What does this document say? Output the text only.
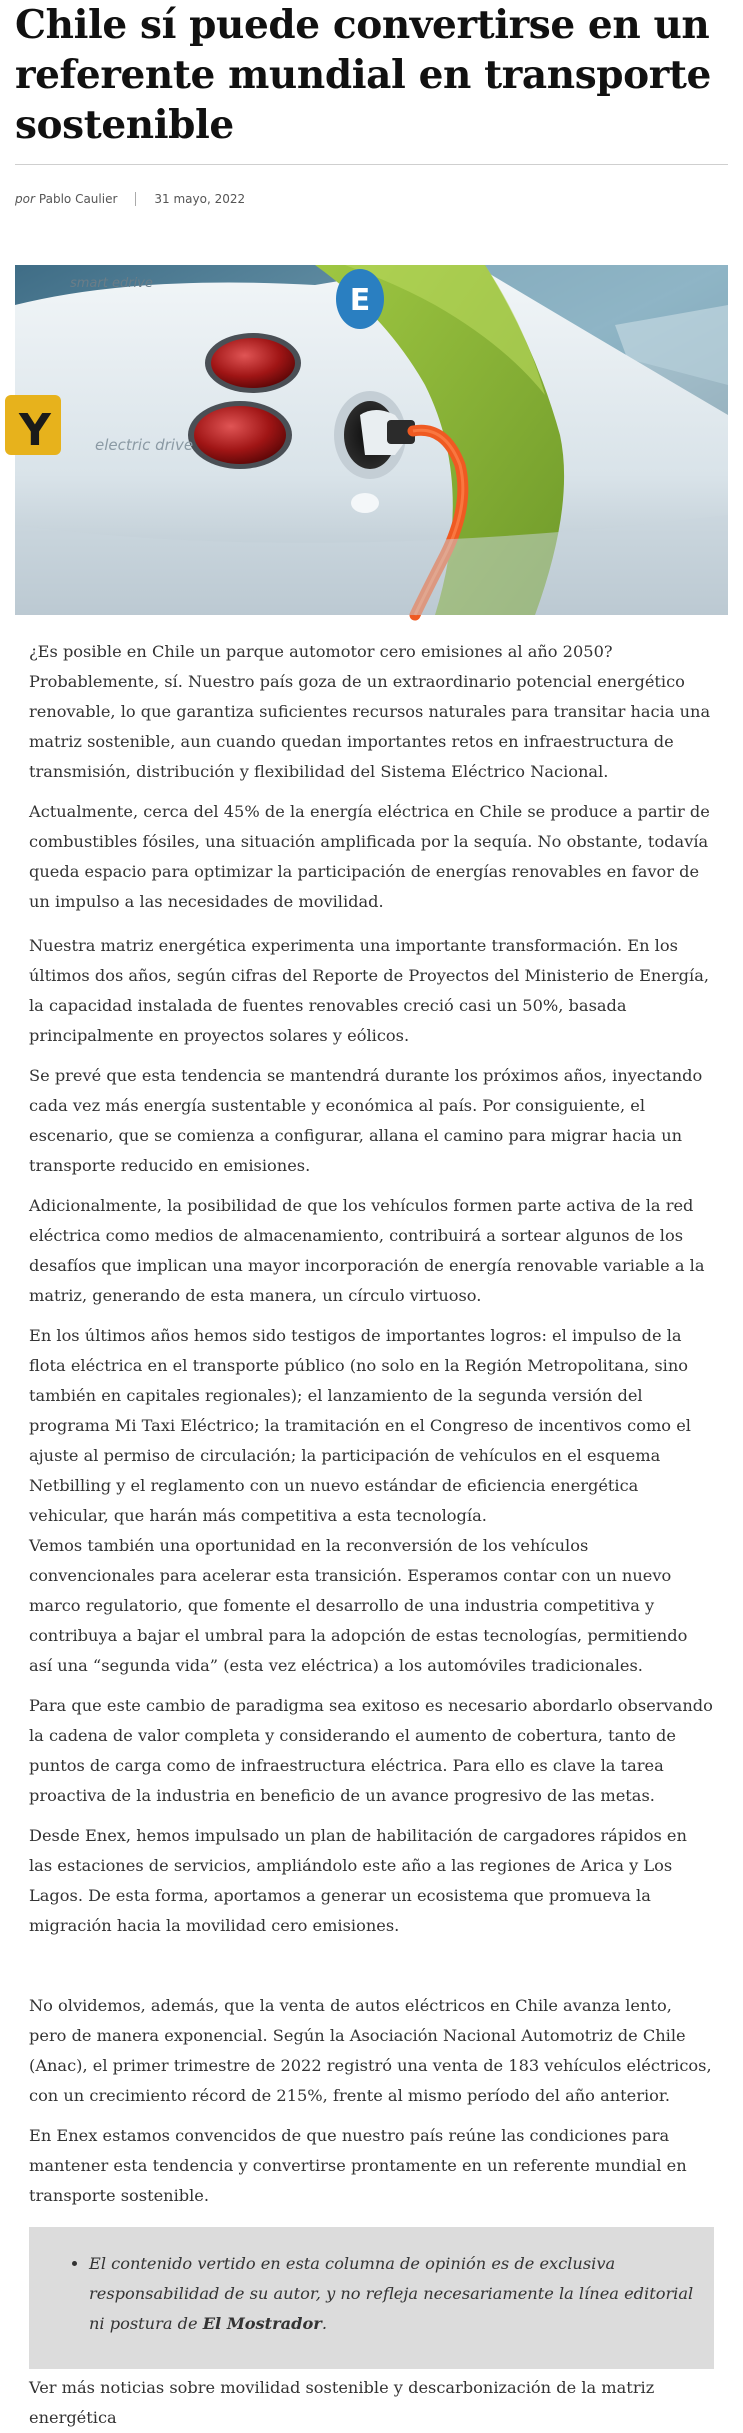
Chile sí puede convertirse en un referente mundial en transporte sostenible
por Pablo Caulier	31 mayo, 2022
E
smart edrive
Y	electric drive

¿Es posible en Chile un parque automotor cero emisiones al año 2050? Probablemente, sí. Nuestro país goza de un extraordinario potencial energético renovable, lo que garantiza suficientes recursos naturales para transitar hacia una matriz sostenible, aun cuando quedan importantes retos en infraestructura de transmisión, distribución y flexibilidad del Sistema Eléctrico Nacional.

Actualmente, cerca del 45% de la energía eléctrica en Chile se produce a partir de combustibles fósiles, una situación amplificada por la sequía. No obstante, todavía queda espacio para optimizar la participación de energías renovables en favor de un impulso a las necesidades de movilidad.

Nuestra matriz energética experimenta una importante transformación. En los últimos dos años, según cifras del Reporte de Proyectos del Ministerio de Energía, la capacidad instalada de fuentes renovables creció casi un 50%, basada principalmente en proyectos solares y eólicos.

Se prevé que esta tendencia se mantendrá durante los próximos años, inyectando cada vez más energía sustentable y económica al país. Por consiguiente, el escenario, que se comienza a configurar, allana el camino para migrar hacia un transporte reducido en emisiones.

Adicionalmente, la posibilidad de que los vehículos formen parte activa de la red eléctrica como medios de almacenamiento, contribuirá a sortear algunos de los desafíos que implican una mayor incorporación de energía renovable variable a la matriz, generando de esta manera, un círculo virtuoso.

En los últimos años hemos sido testigos de importantes logros: el impulso de la flota eléctrica en el transporte público (no solo en la Región Metropolitana, sino también en capitales regionales); el lanzamiento de la segunda versión del programa Mi Taxi Eléctrico; la tramitación en el Congreso de incentivos como el ajuste al permiso de circulación; la participación de vehículos en el esquema Netbilling y el reglamento con un nuevo estándar de eficiencia energética vehicular, que harán más competitiva a esta tecnología.

Vemos también una oportunidad en la reconversión de los vehículos convencionales para acelerar esta transición. Esperamos contar con un nuevo marco regulatorio, que fomente el desarrollo de una industria competitiva y contribuya a bajar el umbral para la adopción de estas tecnologías, permitiendo así una “segunda vida” (esta vez eléctrica) a los automóviles tradicionales.

Para que este cambio de paradigma sea exitoso es necesario abordarlo observando la cadena de valor completa y considerando el aumento de cobertura, tanto de puntos de carga como de infraestructura eléctrica. Para ello es clave la tarea proactiva de la industria en beneficio de un avance progresivo de las metas.

Desde Enex, hemos impulsado un plan de habilitación de cargadores rápidos en las estaciones de servicios, ampliándolo este año a las regiones de Arica y Los Lagos. De esta forma, aportamos a generar un ecosistema que promueva la migración hacia la movilidad cero emisiones.

No olvidemos, además, que la venta de autos eléctricos en Chile avanza lento, pero de manera exponencial. Según la Asociación Nacional Automotriz de Chile (Anac), el primer trimestre de 2022 registró una venta de 183 vehículos eléctricos, con un crecimiento récord de 215%, frente al mismo período del año anterior.

En Enex estamos convencidos de que nuestro país reúne las condiciones para mantener esta tendencia y convertirse prontamente en un referente mundial en transporte sostenible.

• El contenido vertido en esta columna de opinión es de exclusiva responsabilidad de su autor, y no refleja necesariamente la línea editorial ni postura de El Mostrador.
Ver más noticias sobre movilidad sostenible y descarbonización de la matriz energética
